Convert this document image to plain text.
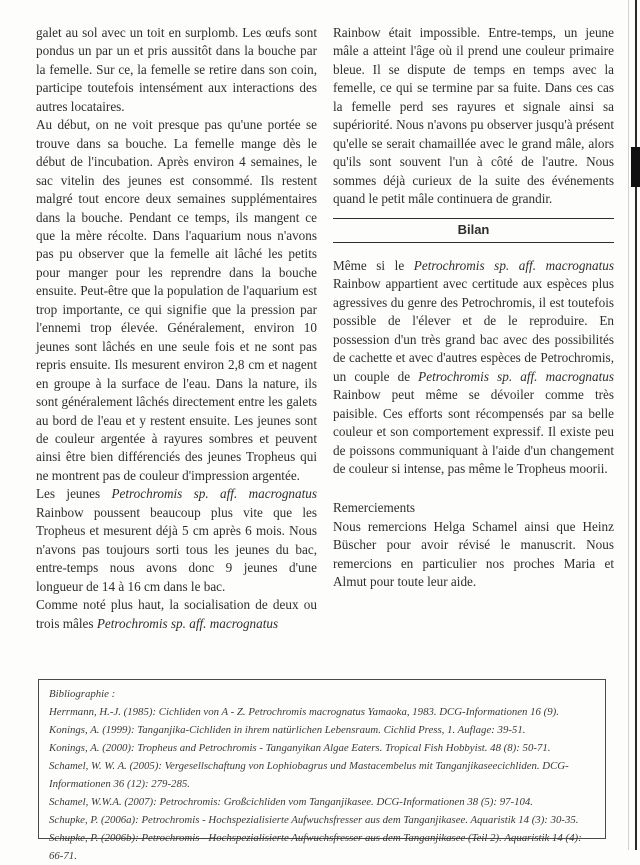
galet au sol avec un toit en surplomb. Les œufs sont pondus un par un et pris aussitôt dans la bouche par la femelle. Sur ce, la femelle se retire dans son coin, participe toutefois intensément aux interactions des autres locataires.

Au début, on ne voit presque pas qu'une portée se trouve dans sa bouche. La femelle mange dès le début de l'incubation. Après environ 4 semaines, le sac vitelin des jeunes est consommé. Ils restent malgré tout encore deux semaines supplémentaires dans la bouche. Pendant ce temps, ils mangent ce que la mère récolte. Dans l'aquarium nous n'avons pas pu observer que la femelle ait lâché les petits pour manger pour les reprendre dans la bouche ensuite. Peut-être que la population de l'aquarium est trop importante, ce qui signifie que la pression par l'ennemi trop élevée. Généralement, environ 10 jeunes sont lâchés en une seule fois et ne sont pas repris ensuite. Ils mesurent environ 2,8 cm et nagent en groupe à la surface de l'eau. Dans la nature, ils sont généralement lâchés directement entre les galets au bord de l'eau et y restent ensuite. Les jeunes sont de couleur argentée à rayures sombres et peuvent ainsi être bien différenciés des jeunes Tropheus qui ne montrent pas de couleur d'impression argentée.

Les jeunes Petrochromis sp. aff. macrognatus Rainbow poussent beaucoup plus vite que les Tropheus et mesurent déjà 5 cm après 6 mois. Nous n'avons pas toujours sorti tous les jeunes du bac, entre-temps nous avons donc 9 jeunes d'une longueur de 14 à 16 cm dans le bac.

Comme noté plus haut, la socialisation de deux ou trois mâles Petrochromis sp. aff. macrognatus

Rainbow était impossible. Entre-temps, un jeune mâle a atteint l'âge où il prend une couleur primaire bleue. Il se dispute de temps en temps avec la femelle, ce qui se termine par sa fuite. Dans ces cas la femelle perd ses rayures et signale ainsi sa supériorité. Nous n'avons pu observer jusqu'à présent qu'elle se serait chamaillée avec le grand mâle, alors qu'ils sont souvent l'un à côté de l'autre. Nous sommes déjà curieux de la suite des événements quand le petit mâle continuera de grandir.

Bilan

Même si le Petrochromis sp. aff. macrognatus Rainbow appartient avec certitude aux espèces plus agressives du genre des Petrochromis, il est toutefois possible de l'élever et de le reproduire. En possession d'un très grand bac avec des possibilités de cachette et avec d'autres espèces de Petrochromis, un couple de Petrochromis sp. aff. macrognatus Rainbow peut même se dévoiler comme très paisible. Ces efforts sont récompensés par sa belle couleur et son comportement expressif. Il existe peu de poissons communiquant à l'aide d'un changement de couleur si intense, pas même le Tropheus moorii.

Remerciements

Nous remercions Helga Schamel ainsi que Heinz Büscher pour avoir révisé le manuscrit. Nous remercions en particulier nos proches Maria et Almut pour toute leur aide.

Bibliographie :

Herrmann, H.-J. (1985): Cichliden von A - Z. Petrochromis macrognatus Yamaoka, 1983. DCG-Informationen 16 (9).

Konings, A. (1999): Tanganjika-Cichliden in ihrem natürlichen Lebensraum. Cichlid Press, 1. Auflage: 39-51.

Konings, A. (2000): Tropheus and Petrochromis - Tanganyikan Algae Eaters. Tropical Fish Hobbyist. 48 (8): 50-71.

Schamel, W. W. A. (2005): Vergesellschaftung von Lophiobagrus und Mastacembelus mit Tanganjikaseecichliden. DCG-Informationen 36 (12): 279-285.

Schamel, W.W.A. (2007): Petrochromis: Großcichliden vom Tanganjikasee. DCG-Informationen 38 (5): 97-104.

Schupke, P. (2006a): Petrochromis - Hochspezialisierte Aufwuchsfresser aus dem Tanganjikasee. Aquaristik 14 (3): 30-35.

Schupke, P. (2006b): Petrochromis - Hochspezialisierte Aufwuchsfresser aus dem Tanganjikasee (Teil 2). Aquaristik 14 (4): 66-71.
